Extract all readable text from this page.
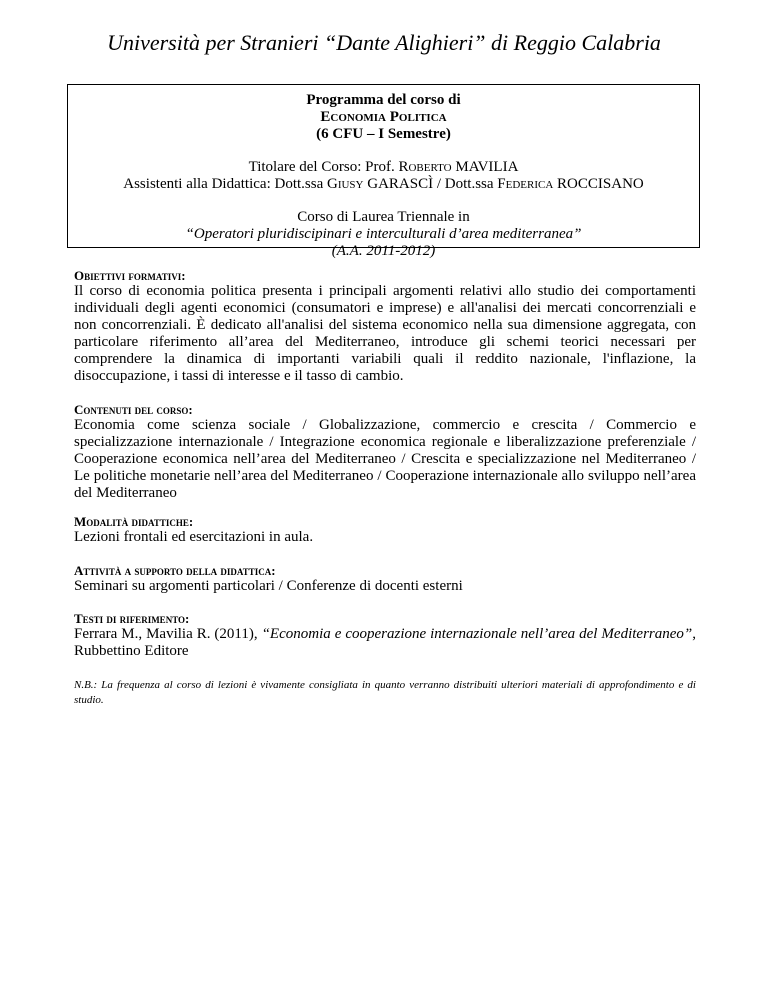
Università per Stranieri “Dante Alighieri” di Reggio Calabria
Programma del corso di
Economia Politica
(6 CFU – I Semestre)
Titolare del Corso: Prof. Roberto MAVILIA
Assistenti alla Didattica: Dott.ssa Giusy GARASCÌ / Dott.ssa Federica ROCCISANO
Corso di Laurea Triennale in
“Operatori pluridiscipinari e interculturali d’area mediterranea”
(A.A. 2011-2012)
Obiettivi formativi:
Il corso di economia politica presenta i principali argomenti relativi allo studio dei comportamenti individuali degli agenti economici (consumatori e imprese) e all'analisi dei mercati concorrenziali e non concorrenziali. È dedicato all'analisi del sistema economico nella sua dimensione aggregata, con particolare riferimento all’area del Mediterraneo, introduce gli schemi teorici necessari per comprendere la dinamica di importanti variabili quali il reddito nazionale, l'inflazione, la disoccupazione, i tassi di interesse e il tasso di cambio.
Contenuti del corso:
Economia come scienza sociale / Globalizzazione, commercio e crescita / Commercio e specializzazione internazionale / Integrazione economica regionale e liberalizzazione preferenziale / Cooperazione economica nell’area del Mediterraneo / Crescita e specializzazione nel Mediterraneo / Le politiche monetarie nell’area del Mediterraneo / Cooperazione internazionale allo sviluppo nell’area del Mediterraneo
Modalità didattiche:
Lezioni frontali ed esercitazioni in aula.
Attività a supporto della didattica:
Seminari su argomenti particolari / Conferenze di docenti esterni
Testi di riferimento:
Ferrara M., Mavilia R. (2011), “Economia e cooperazione internazionale nell’area del Mediterraneo”, Rubbettino Editore
N.B.: La frequenza al corso di lezioni è vivamente consigliata in quanto verranno distribuiti ulteriori materiali di approfondimento e di studio.
